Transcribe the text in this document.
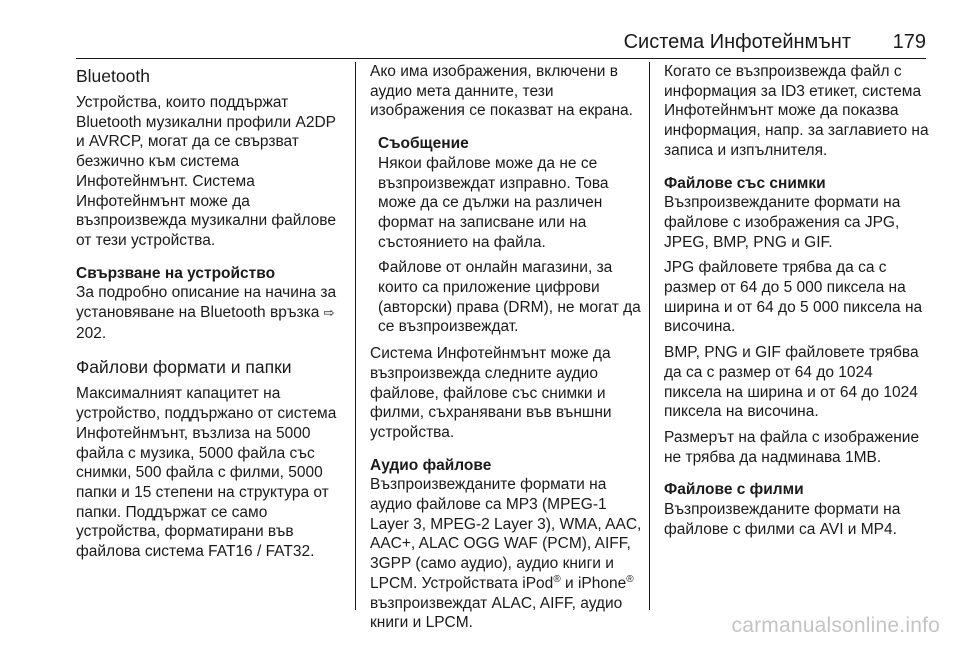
Система Инфотейнмънт 179
Bluetooth

Устройства, които поддържат Bluetooth музикални профили A2DP и AVRCP, могат да се свързват безжично към система Инфотейнмънт. Система Инфотейнмънт може да възпроизвежда музикални файлове от тези устройства.

Свързване на устройство

За подробно описание на начина за установяване на Bluetooth връзка ⇨ 202.

Файлови формати и папки

Максималният капацитет на устройство, поддържано от система Инфотейнмънт, възлиза на 5000 файла с музика, 5000 файла със снимки, 500 файла с филми, 5000 папки и 15 степени на структура от папки. Поддържат се само устройства, форматирани във файлова система FAT16 / FAT32.

Ако има изображения, включени в аудио мета данните, тези изображения се показват на екрана.

Съобщение

Някои файлове може да не се възпроизвеждат изправно. Това може да се дължи на различен формат на записване или на състоянието на файла.

Файлове от онлайн магазини, за които са приложение цифрови (авторски) права (DRM), не могат да се възпроизвеждат.

Система Инфотейнмънт може да възпроизвежда следните аудио файлове, файлове със снимки и филми, съхранявани във външни устройства.

Аудио файлове

Възпроизвежданите формати на аудио файлове са MP3 (MPEG-1 Layer 3, MPEG-2 Layer 3), WMA, AAC, AAC+, ALAC OGG WAF (PCM), AIFF, 3GPP (само аудио), аудио книги и LPCM. Устройствата iPod® и iPhone® възпроизвеждат ALAC, AIFF, аудио книги и LPCM.

Когато се възпроизвежда файл с информация за ID3 етикет, система Инфотейнмънт може да показва информация, напр. за заглавието на записа и изпълнителя.

Файлове със снимки

Възпроизвежданите формати на файлове с изображения са JPG, JPEG, BMP, PNG и GIF.

JPG файловете трябва да са с размер от 64 до 5 000 пиксела на ширина и от 64 до 5 000 пиксела на височина.

BMP, PNG и GIF файловете трябва да са с размер от 64 до 1024 пиксела на ширина и от 64 до 1024 пиксела на височина.

Размерът на файла с изображение не трябва да надминава 1MB.

Файлове с филми

Възпроизвежданите формати на файлове с филми са AVI и MP4.

carmanualsonline.info
